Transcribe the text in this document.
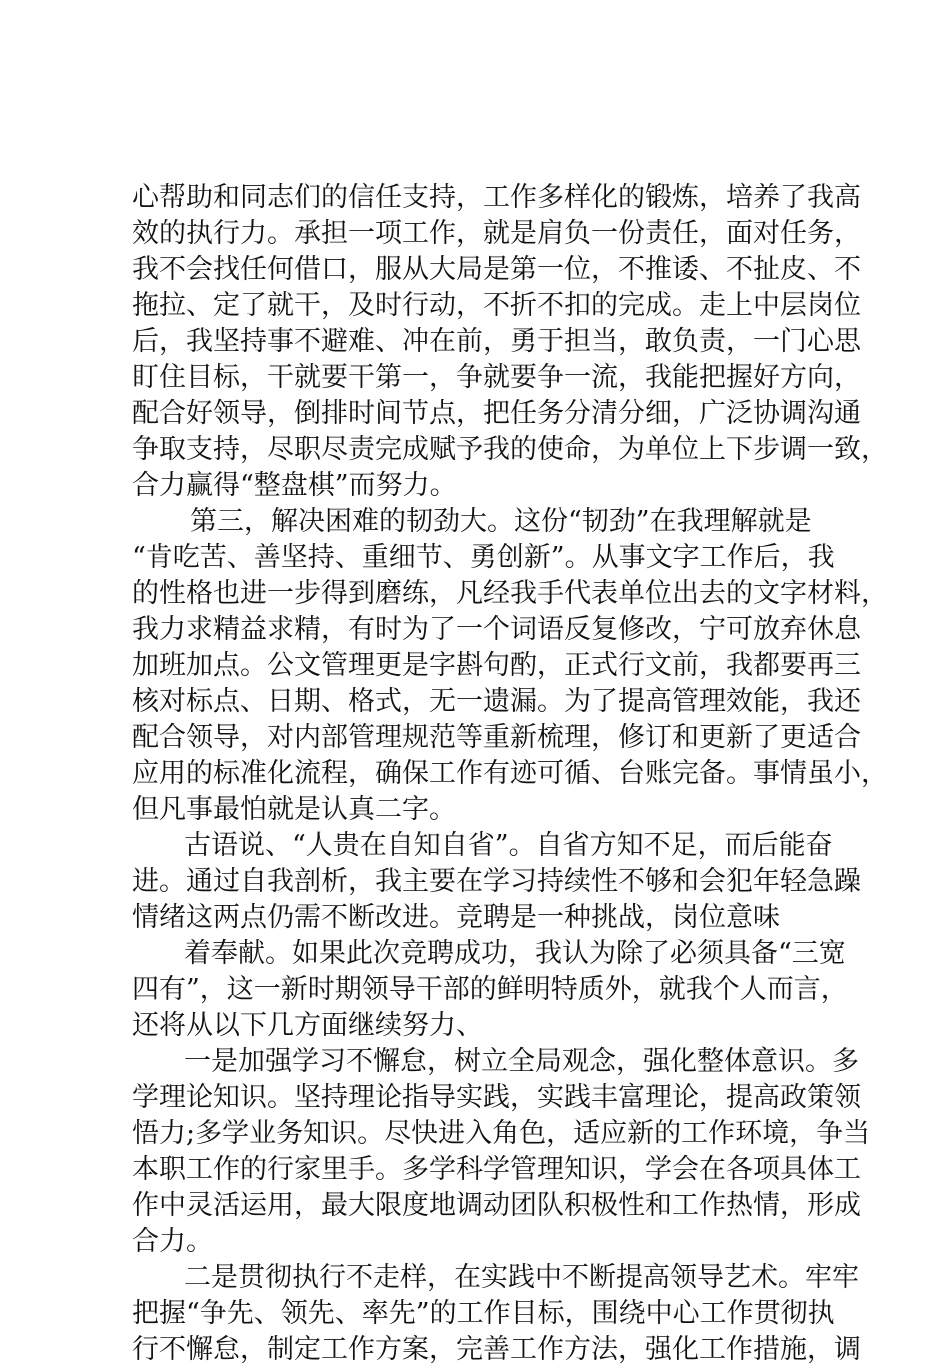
心帮助和同志们的信任支持，工作多样化的锻炼，培养了我高
效的执行力。承担一项工作，就是肩负一份责任，面对任务，
我不会找任何借口，服从大局是第一位，不推诿、不扯皮、不
拖拉、定了就干，及时行动，不折不扣的完成。走上中层岗位
后，我坚持事不避难、冲在前，勇于担当，敢负责，一门心思
盯住目标，干就要干第一，争就要争一流，我能把握好方向，
配合好领导，倒排时间节点，把任务分清分细，广泛协调沟通
争取支持，尽职尽责完成赋予我的使命，为单位上下步调一致，
合力赢得“整盘棋”而努力。
第三，解决困难的韧劲大。这份“韧劲”在我理解就是
“肯吃苦、善坚持、重细节、勇创新”。从事文字工作后，我
的性格也进一步得到磨练，凡经我手代表单位出去的文字材料，
我力求精益求精，有时为了一个词语反复修改，宁可放弃休息
加班加点。公文管理更是字斟句酌，正式行文前，我都要再三
核对标点、日期、格式，无一遗漏。为了提高管理效能，我还
配合领导，对内部管理规范等重新梳理，修订和更新了更适合
应用的标准化流程，确保工作有迹可循、台账完备。事情虽小，
但凡事最怕就是认真二字。
古语说、“人贵在自知自省”。自省方知不足，而后能奋
进。通过自我剖析，我主要在学习持续性不够和会犯年轻急躁
情绪这两点仍需不断改进。竞聘是一种挑战，岗位意味
着奉献。如果此次竞聘成功，我认为除了必须具备“三宽
四有”，这一新时期领导干部的鲜明特质外，就我个人而言，
还将从以下几方面继续努力、
一是加强学习不懈怠，树立全局观念，强化整体意识。多
学理论知识。坚持理论指导实践，实践丰富理论，提高政策领
悟力;多学业务知识。尽快进入角色，适应新的工作环境，争当
本职工作的行家里手。多学科学管理知识，学会在各项具体工
作中灵活运用，最大限度地调动团队积极性和工作热情，形成
合力。
二是贯彻执行不走样，在实践中不断提高领导艺术。牢牢
把握“争先、领先、率先”的工作目标，围绕中心工作贯彻执
行不懈怠，制定工作方案，完善工作方法，强化工作措施，调
